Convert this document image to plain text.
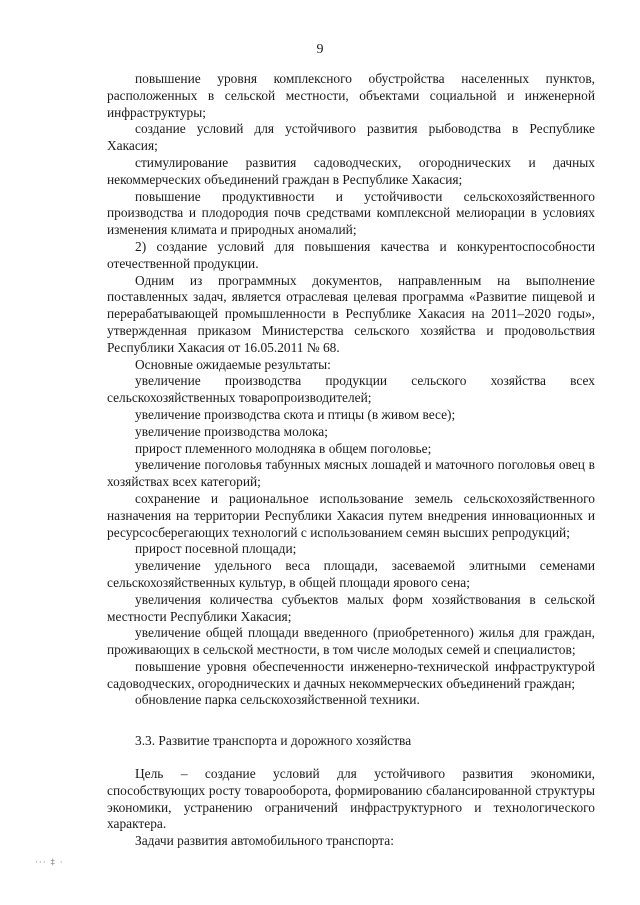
9

повышение уровня комплексного обустройства населенных пунктов, расположенных в сельской местности, объектами социальной и инженерной инфраструктуры;

создание условий для устойчивого развития рыбоводства в Республике Хакасия;

стимулирование развития садоводческих, огороднических и дачных некоммерческих объединений граждан в Республике Хакасия;

повышение продуктивности и устойчивости сельскохозяйственного производства и плодородия почв средствами комплексной мелиорации в условиях изменения климата и природных аномалий;

2) создание условий для повышения качества и конкурентоспособности отечественной продукции.

Одним из программных документов, направленным на выполнение поставленных задач, является отраслевая целевая программа «Развитие пищевой и перерабатывающей промышленности в Республике Хакасия на 2011–2020 годы», утвержденная приказом Министерства сельского хозяйства и продовольствия Республики Хакасия от 16.05.2011 № 68.

Основные ожидаемые результаты:

увеличение производства продукции сельского хозяйства всех сельскохозяйственных товаропроизводителей;

увеличение производства скота и птицы (в живом весе);

увеличение производства молока;

прирост племенного молодняка в общем поголовье;

увеличение поголовья табунных мясных лошадей и маточного поголовья овец в хозяйствах всех категорий;

сохранение и рациональное использование земель сельскохозяйственного назначения на территории Республики Хакасия путем внедрения инновационных и ресурсосберегающих технологий с использованием семян высших репродукций;

прирост посевной площади;

увеличение удельного веса площади, засеваемой элитными семенами сельскохозяйственных культур, в общей площади ярового сена;

увеличения количества субъектов малых форм хозяйствования в сельской местности Республики Хакасия;

увеличение общей площади введенного (приобретенного) жилья для граждан, проживающих в сельской местности, в том числе молодых семей и специалистов;

повышение уровня обеспеченности инженерно-технической инфраструктурой садоводческих, огороднических и дачных некоммерческих объединений граждан;

обновление парка сельскохозяйственной техники.

3.3. Развитие транспорта и дорожного хозяйства

Цель – создание условий для устойчивого развития экономики, способствующих росту товарооборота, формированию сбалансированной структуры экономики, устранению ограничений инфраструктурного и технологического характера.

Задачи развития автомобильного транспорта:

··· ‡ ·
